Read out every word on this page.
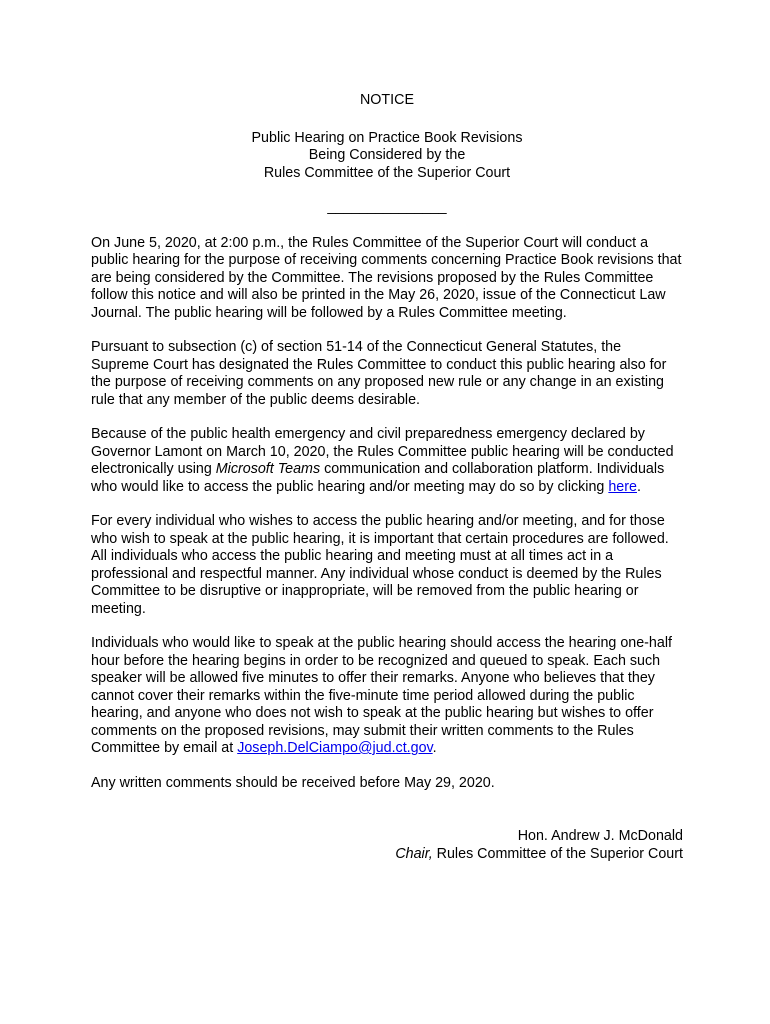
NOTICE
Public Hearing on Practice Book Revisions
Being Considered by the
Rules Committee of the Superior Court
_______________

On June 5, 2020, at 2:00 p.m., the Rules Committee of the Superior Court will conduct a public hearing for the purpose of receiving comments concerning Practice Book revisions that are being considered by the Committee. The revisions proposed by the Rules Committee follow this notice and will also be printed in the May 26, 2020, issue of the Connecticut Law Journal. The public hearing will be followed by a Rules Committee meeting.

Pursuant to subsection (c) of section 51-14 of the Connecticut General Statutes, the Supreme Court has designated the Rules Committee to conduct this public hearing also for the purpose of receiving comments on any proposed new rule or any change in an existing rule that any member of the public deems desirable.

Because of the public health emergency and civil preparedness emergency declared by Governor Lamont on March 10, 2020, the Rules Committee public hearing will be conducted electronically using Microsoft Teams communication and collaboration platform. Individuals who would like to access the public hearing and/or meeting may do so by clicking here.

For every individual who wishes to access the public hearing and/or meeting, and for those who wish to speak at the public hearing, it is important that certain procedures are followed. All individuals who access the public hearing and meeting must at all times act in a professional and respectful manner. Any individual whose conduct is deemed by the Rules Committee to be disruptive or inappropriate, will be removed from the public hearing or meeting.

Individuals who would like to speak at the public hearing should access the hearing one-half hour before the hearing begins in order to be recognized and queued to speak. Each such speaker will be allowed five minutes to offer their remarks. Anyone who believes that they cannot cover their remarks within the five-minute time period allowed during the public hearing, and anyone who does not wish to speak at the public hearing but wishes to offer comments on the proposed revisions, may submit their written comments to the Rules Committee by email at Joseph.DelCiampo@jud.ct.gov.

Any written comments should be received before May 29, 2020.

Hon. Andrew J. McDonald
Chair, Rules Committee of the Superior Court
